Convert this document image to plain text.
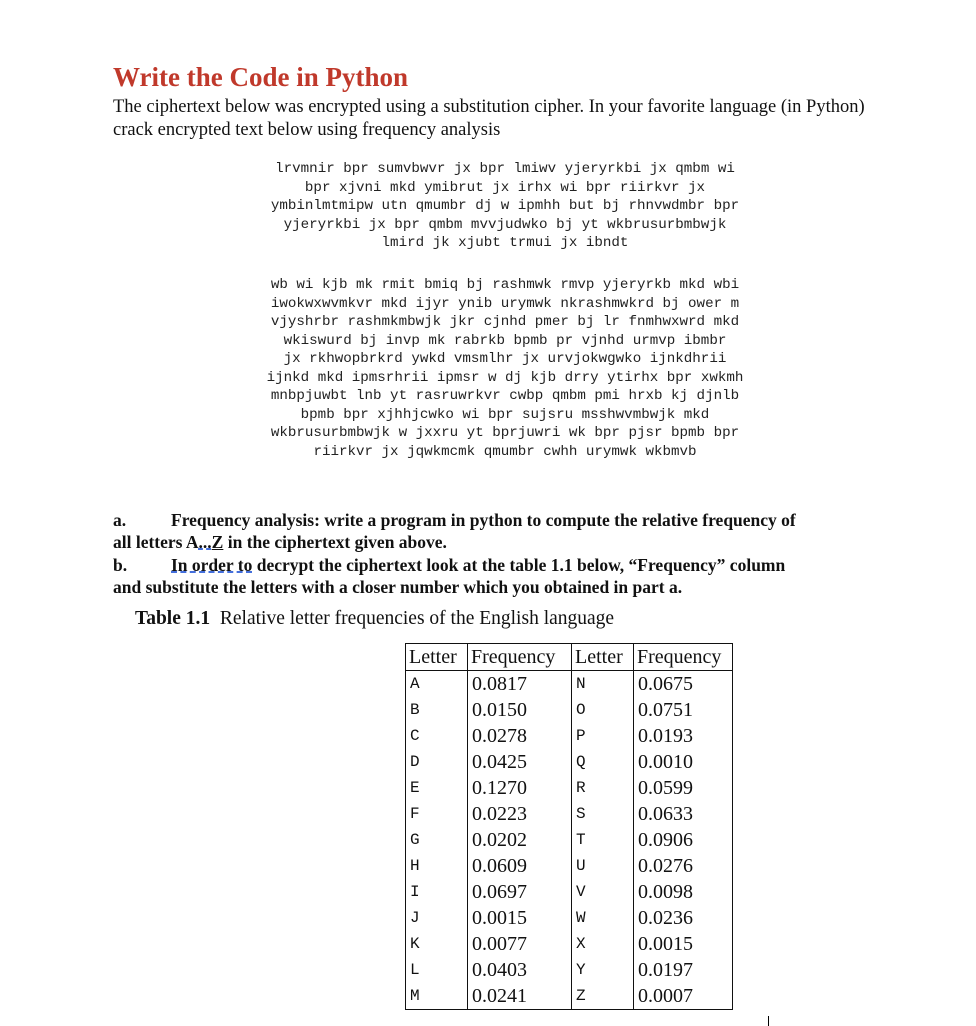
Write the Code in Python
The ciphertext below was encrypted using a substitution cipher. In your favorite language (in Python) crack encrypted text below using frequency analysis
lrvmnir bpr sumvbwvr jx bpr lmiwv yjeryrkbi jx qmbm wi
bpr xjvni mkd ymibrut jx irhx wi bpr riirkvr jx
ymbinlmtmipw utn qmumbr dj w ipmhh but bj rhnvwdmbr bpr
yjeryrkbi jx bpr qmbm mvvjudwko bj yt wkbrusurbmbwjk
lmird jk xjubt trmui jx ibndt
wb wi kjb mk rmit bmiq bj rashmwk rmvp yjeryrkb mkd wbi
iwokwxwvmkvr mkd ijyr ynib urymwk nkrashmwkrd bj ower m
vjyshrbr rashmkmbwjk jkr cjnhd pmer bj lr fnmhwxwrd mkd
wkiswurd bj invp mk rabrkb bpmb pr vjnhd urmvp ibmbr
jx rkhwopbrkrd ywkd vmsmlhr jx urvjokwgwko ijnkdhrii
ijnkd mkd ipmsrhrii ipmsr w dj kjb drry ytirhx bpr xwkmh
mnbpjuwbt lnb yt rasruwrkvr cwbp qmbm pmi hrxb kj djnlb
bpmb bpr xjhhjcwko wi bpr sujsru msshwvmbwjk mkd
wkbrusurbmbwjk w jxxru yt bprjuwri wk bpr pjsr bpmb bpr
riirkvr jx jqwkmcmk qmumbr cwhh urymwk wkbmvb
a.	Frequency analysis: write a program in python to compute the relative frequency of
all letters A...Z in the ciphertext given above.
b.	In order to decrypt the ciphertext look at the table 1.1 below, “Frequency” column
and substitute the letters with a closer number which you obtained in part a.
Table 1.1 Relative letter frequencies of the English language
Letter	Frequency	Letter	Frequency
A	0.0817	N	0.0675
B	0.0150	O	0.0751
C	0.0278	P	0.0193
D	0.0425	Q	0.0010
E	0.1270	R	0.0599
F	0.0223	S	0.0633
G	0.0202	T	0.0906
H	0.0609	U	0.0276
I	0.0697	V	0.0098
J	0.0015	W	0.0236
K	0.0077	X	0.0015
L	0.0403	Y	0.0197
M	0.0241	Z	0.0007
